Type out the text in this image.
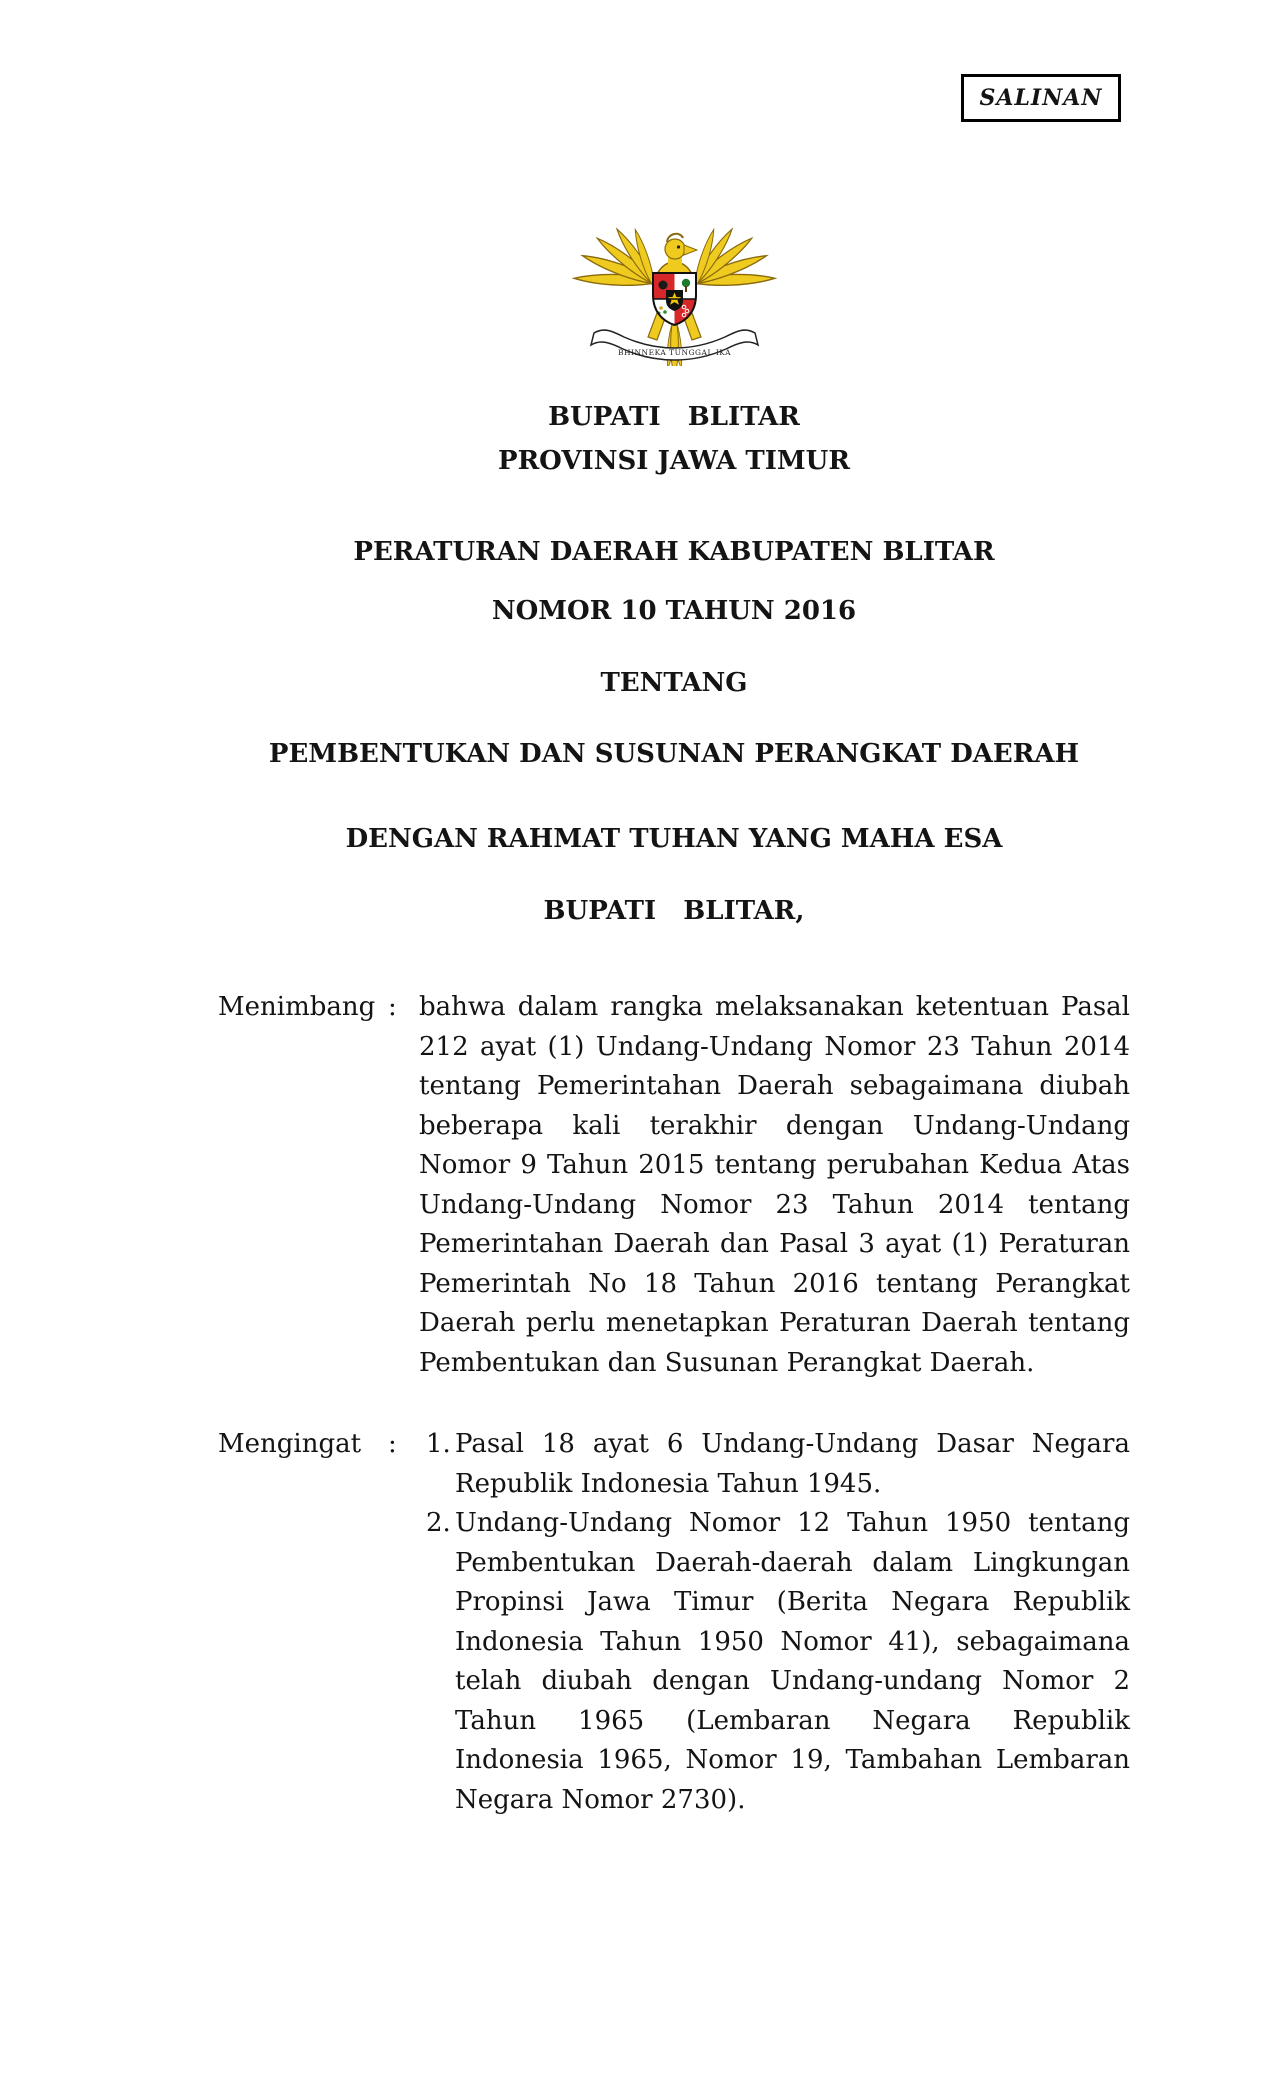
SALINAN
BHINNEKA TUNGGAL IKA
BUPATI   BLITAR
PROVINSI JAWA TIMUR
PERATURAN DAERAH KABUPATEN BLITAR
NOMOR 10 TAHUN 2016
TENTANG
PEMBENTUKAN DAN SUSUNAN PERANGKAT DAERAH
DENGAN RAHMAT TUHAN YANG MAHA ESA
BUPATI   BLITAR,
Menimbang : bahwa dalam rangka melaksanakan ketentuan Pasal 212 ayat (1) Undang-Undang Nomor 23 Tahun 2014 tentang Pemerintahan Daerah sebagaimana diubah beberapa kali terakhir dengan Undang-Undang Nomor 9 Tahun 2015 tentang perubahan Kedua Atas Undang-Undang Nomor 23 Tahun 2014 tentang Pemerintahan Daerah dan Pasal 3 ayat (1) Peraturan Pemerintah No 18 Tahun 2016 tentang Perangkat Daerah perlu menetapkan Peraturan Daerah tentang Pembentukan dan Susunan Perangkat Daerah.
Mengingat	:	1. Pasal 18 ayat 6 Undang-Undang Dasar Negara Republik Indonesia Tahun 1945.
2. Undang-Undang Nomor 12 Tahun 1950 tentang Pembentukan Daerah-daerah dalam Lingkungan Propinsi Jawa Timur (Berita Negara Republik Indonesia Tahun 1950 Nomor 41), sebagaimana telah diubah dengan Undang-undang Nomor 2 Tahun 1965 (Lembaran Negara Republik Indonesia 1965, Nomor 19, Tambahan Lembaran Negara Nomor 2730).
